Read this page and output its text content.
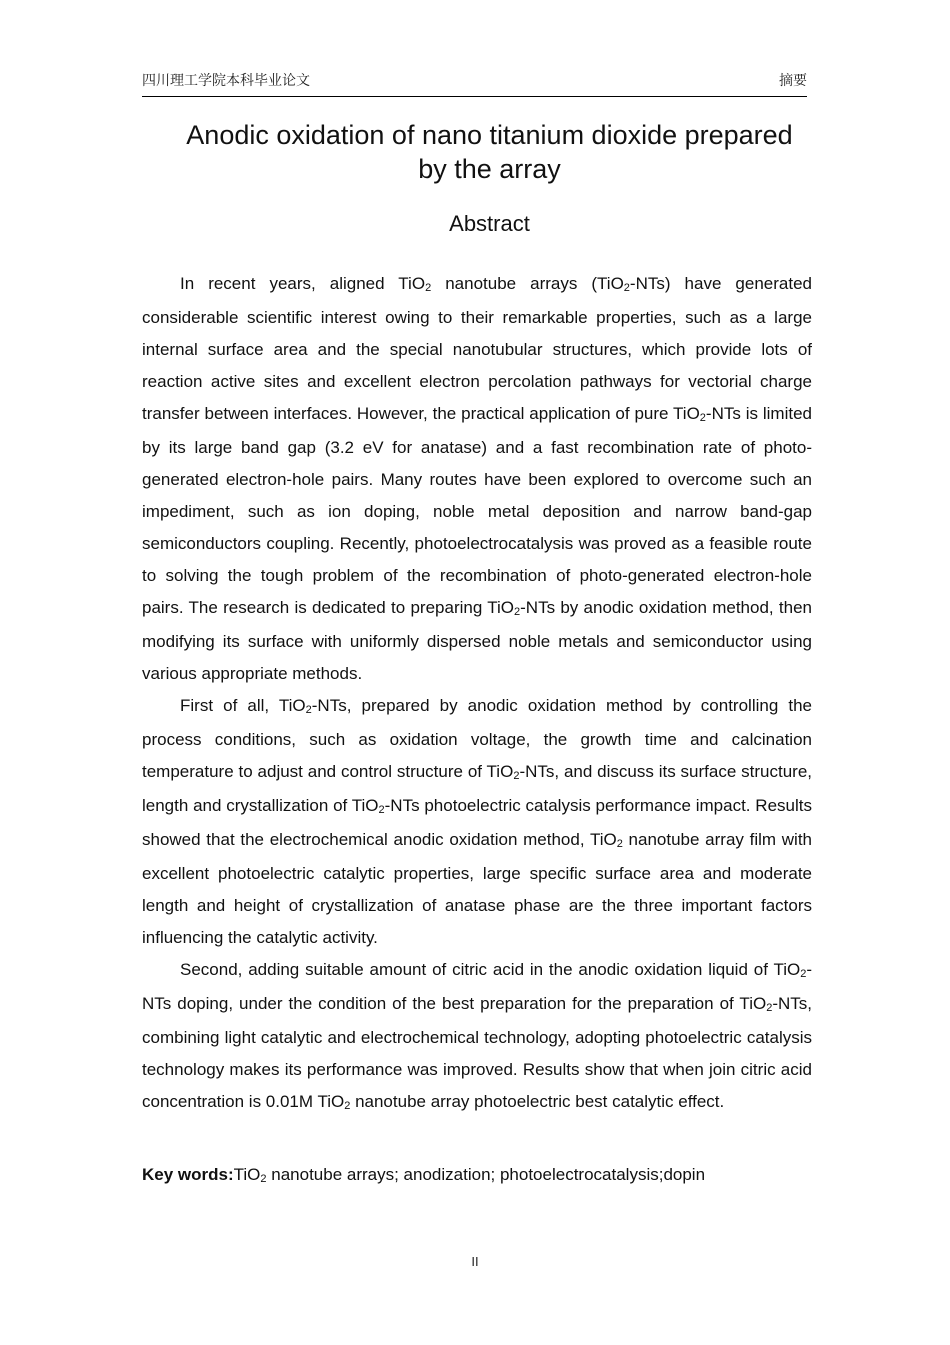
四川理工学院本科毕业论文	摘要
Anodic oxidation of nano titanium dioxide prepared
by the array
Abstract

In recent years, aligned TiO$_2$ nanotube arrays (TiO$_2$-NTs) have generated considerable scientific interest owing to their remarkable properties, such as a large internal surface area and the special nanotubular structures, which provide lots of reaction active sites and excellent electron percolation pathways for vectorial charge transfer between interfaces. However, the practical application of pure TiO$_2$-NTs is limited by its large band gap (3.2 eV for anatase) and a fast recombination rate of photo-generated electron-hole pairs. Many routes have been explored to overcome such an impediment, such as ion doping, noble metal deposition and narrow band-gap semiconductors coupling. Recently, photoelectrocatalysis was proved as a feasible route to solving the tough problem of the recombination of photo-generated electron-hole pairs. The research is dedicated to preparing TiO$_2$-NTs by anodic oxidation method, then modifying its surface with uniformly dispersed noble metals and semiconductor using various appropriate methods.

First of all, TiO$_2$-NTs, prepared by anodic oxidation method by controlling the process conditions, such as oxidation voltage, the growth time and calcination temperature to adjust and control structure of TiO$_2$-NTs, and discuss its surface structure, length and crystallization of TiO$_2$-NTs photoelectric catalysis performance impact. Results showed that the electrochemical anodic oxidation method, TiO$_2$ nanotube array film with excellent photoelectric catalytic properties, large specific surface area and moderate length and height of crystallization of anatase phase are the three important factors influencing the catalytic activity.

Second, adding suitable amount of citric acid in the anodic oxidation liquid of TiO$_2$-NTs doping, under the condition of the best preparation for the preparation of TiO$_2$-NTs, combining light catalytic and electrochemical technology, adopting photoelectric catalysis technology makes its performance was improved. Results show that when join citric acid concentration is 0.01M TiO$_2$ nanotube array photoelectric best catalytic effect.

Key words:TiO$_2$ nanotube arrays; anodization; photoelectrocatalysis;dopin
II
